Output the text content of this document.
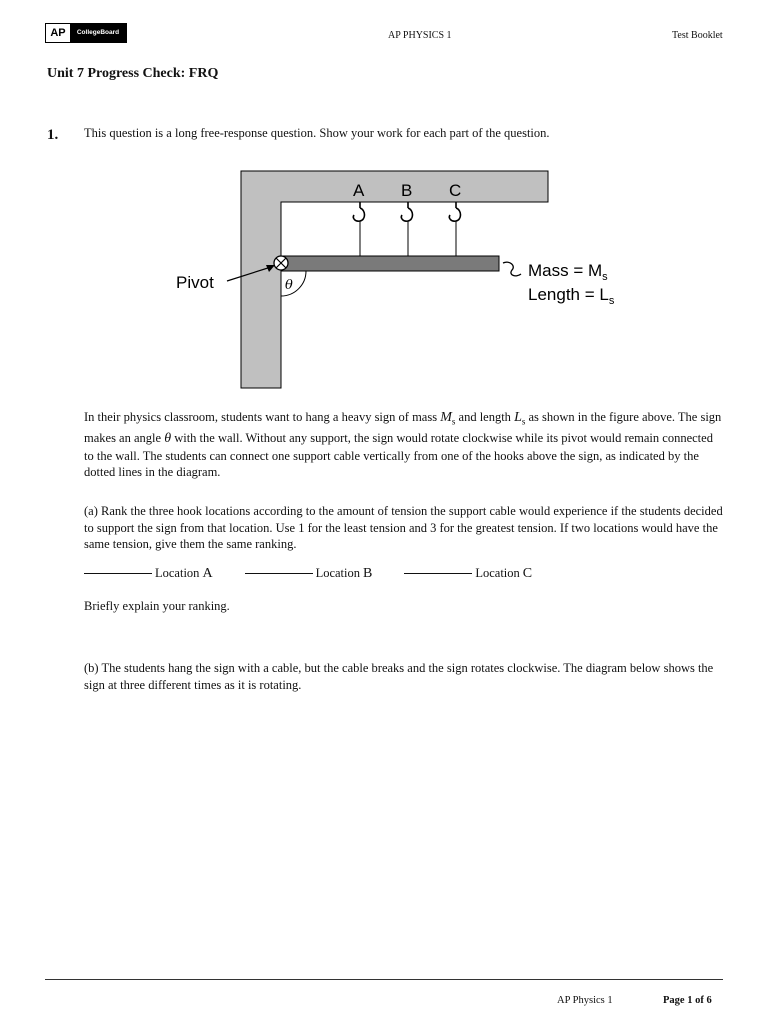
AP	CollegeBoard	AP PHYSICS 1	Test Booklet
Unit 7 Progress Check: FRQ
1. This question is a long free-response question. Show your work for each part of the question.
A B C
Pivot	θ
Mass = $M_s$
Length = $L_s$
In their physics classroom, students want to hang a heavy sign of mass $M_s$ and length $L_s$ as shown in the figure above. The sign makes an angle θ with the wall. Without any support, the sign would rotate clockwise while its pivot would remain connected to the wall. The students can connect one support cable vertically from one of the hooks above the sign, as indicated by the dotted lines in the diagram.
(a) Rank the three hook locations according to the amount of tension the support cable would experience if the students decided to support the sign from that location. Use 1 for the least tension and 3 for the greatest tension. If two locations would have the same tension, give them the same ranking.
Location A	Location B	Location C
Briefly explain your ranking.
(b) The students hang the sign with a cable, but the cable breaks and the sign rotates clockwise. The diagram below shows the sign at three different times as it is rotating.
AP Physics 1	Page 1 of 6
